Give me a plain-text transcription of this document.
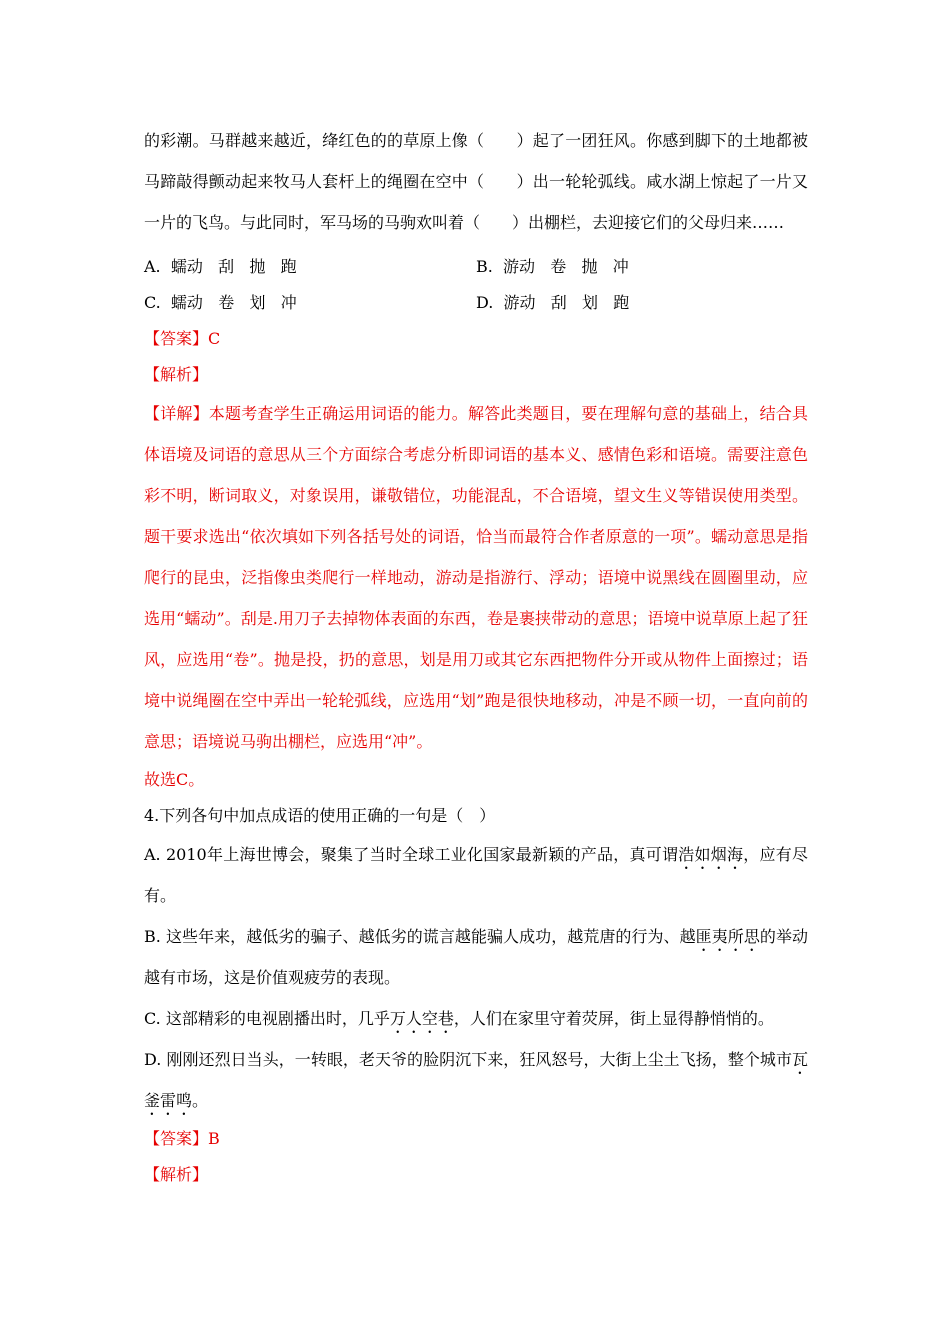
的彩潮。马群越来越近，绛红色的的草原上像（　　）起了一团狂风。你感到脚下的土地都被马蹄敲得颤动起来牧马人套杆上的绳圈在空中（　　）出一轮轮弧线。咸水湖上惊起了一片又一片的飞鸟。与此同时，军马场的马驹欢叫着（　　）出棚栏，去迎接它们的父母归来……

A.  蠕动   刮   抛   跑	B.  游动   卷   抛   冲
C.  蠕动   卷   划   冲	D.  游动   刮   划   跑

【答案】C

【解析】

【详解】本题考查学生正确运用词语的能力。解答此类题目，要在理解句意的基础上，结合具体语境及词语的意思从三个方面综合考虑分析即词语的基本义、感情色彩和语境。需要注意色彩不明，断词取义，对象误用，谦敬错位，功能混乱，不合语境，望文生义等错误使用类型。题干要求选出“依次填如下列各括号处的词语，恰当而最符合作者原意的一项”。蠕动意思是指爬行的昆虫，泛指像虫类爬行一样地动，游动是指游行、浮动；语境中说黑线在圆圈里动，应选用“蠕动”。刮是.用刀子去掉物体表面的东西，卷是裹挟带动的意思；语境中说草原上起了狂风，应选用“卷”。抛是投，扔的意思，划是用刀或其它东西把物件分开或从物件上面擦过；语境中说绳圈在空中弄出一轮轮弧线，应选用“划”跑是很快地移动，冲是不顾一切，一直向前的意思；语境说马驹出棚栏，应选用“冲”。

故选C。

4.下列各句中加点成语的使用正确的一句是（　）

A. 2010年上海世博会，聚集了当时全球工业化国家最新颖的产品，真可谓浩如烟海，应有尽有。

B. 这些年来，越低劣的骗子、越低劣的谎言越能骗人成功，越荒唐的行为、越匪夷所思的举动越有市场，这是价值观疲劳的表现。

C. 这部精彩的电视剧播出时，几乎万人空巷，人们在家里守着荧屏，街上显得静悄悄的。

D. 刚刚还烈日当头，一转眼，老天爷的脸阴沉下来，狂风怒号，大街上尘土飞扬，整个城市瓦釜雷鸣。

【答案】B

【解析】
